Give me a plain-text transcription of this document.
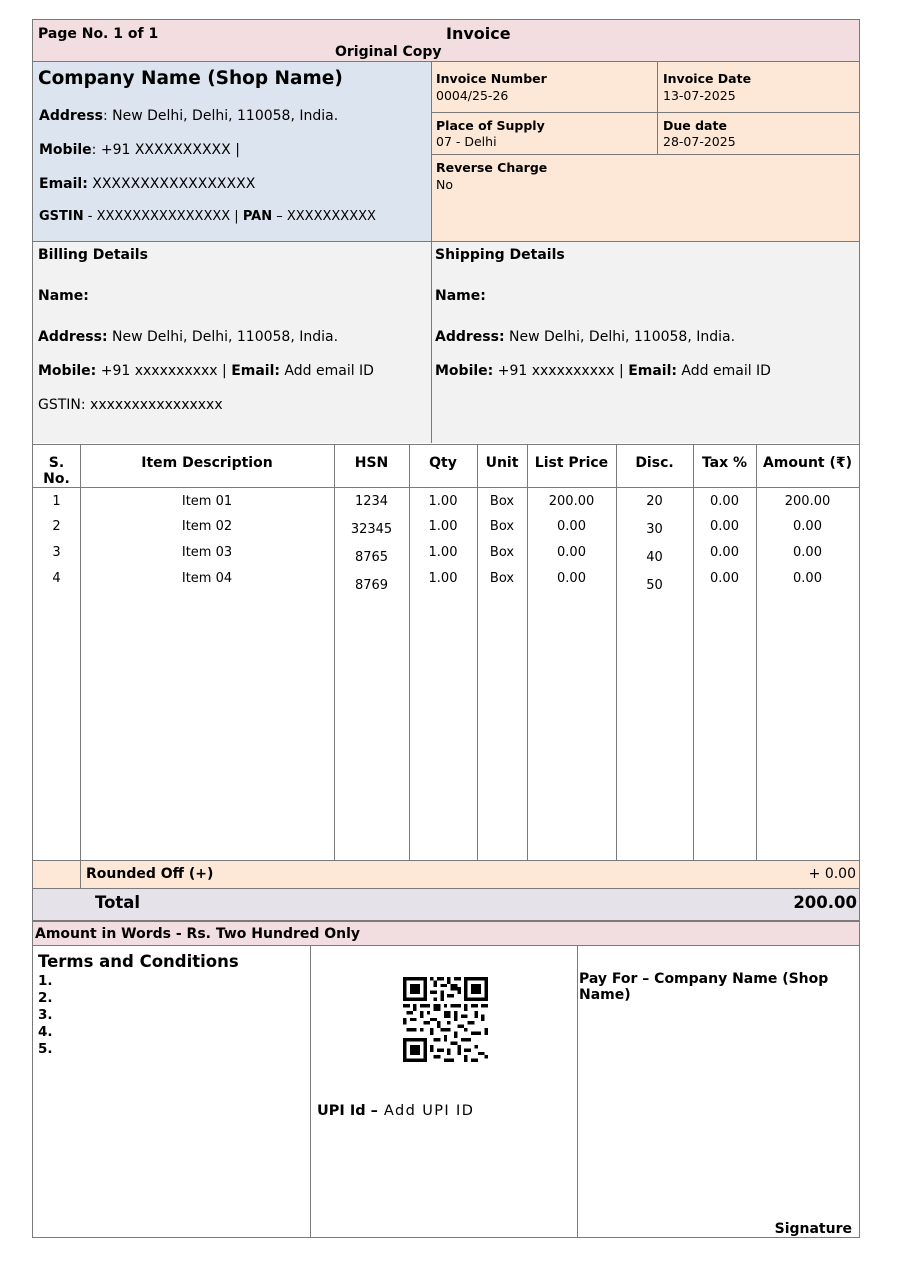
Page No. 1 of 1	Invoice
Original Copy
Company Name (Shop Name)
Address: New Delhi, Delhi, 110058, India.
Mobile: +91 XXXXXXXXXX |
Email: XXXXXXXXXXXXXXXXX
GSTIN - XXXXXXXXXXXXXXX | PAN – XXXXXXXXXX
Invoice Number
0004/25-26
Invoice Date
13-07-2025
Place of Supply
07 - Delhi
Due date
28-07-2025
Reverse Charge
No
Billing Details
Name:
Address: New Delhi, Delhi, 110058, India.
Mobile: +91 xxxxxxxxxx | Email: Add email ID
GSTIN: xxxxxxxxxxxxxxxx
Shipping Details
Name:
Address: New Delhi, Delhi, 110058, India.
Mobile: +91 xxxxxxxxxx | Email: Add email ID
S.
No.
Item Description	HSN	Qty	Unit	List Price	Disc.	Tax %	Amount (₹)
1	Item 01	1234	1.00	Box	200.00	20	0.00	200.00
2	Item 02	32345	1.00	Box	0.00	30	0.00	0.00
3	Item 03	8765	1.00	Box	0.00	40	0.00	0.00
4	Item 04	8769	1.00	Box	0.00	50	0.00	0.00
Rounded Off (+)	+ 0.00
Total	200.00
Amount in Words - Rs. Two Hundred Only
Terms and Conditions
1.
2.
3.
4.
5.
UPI Id – Add UPI ID
Pay For – Company Name (Shop Name)
Signature
